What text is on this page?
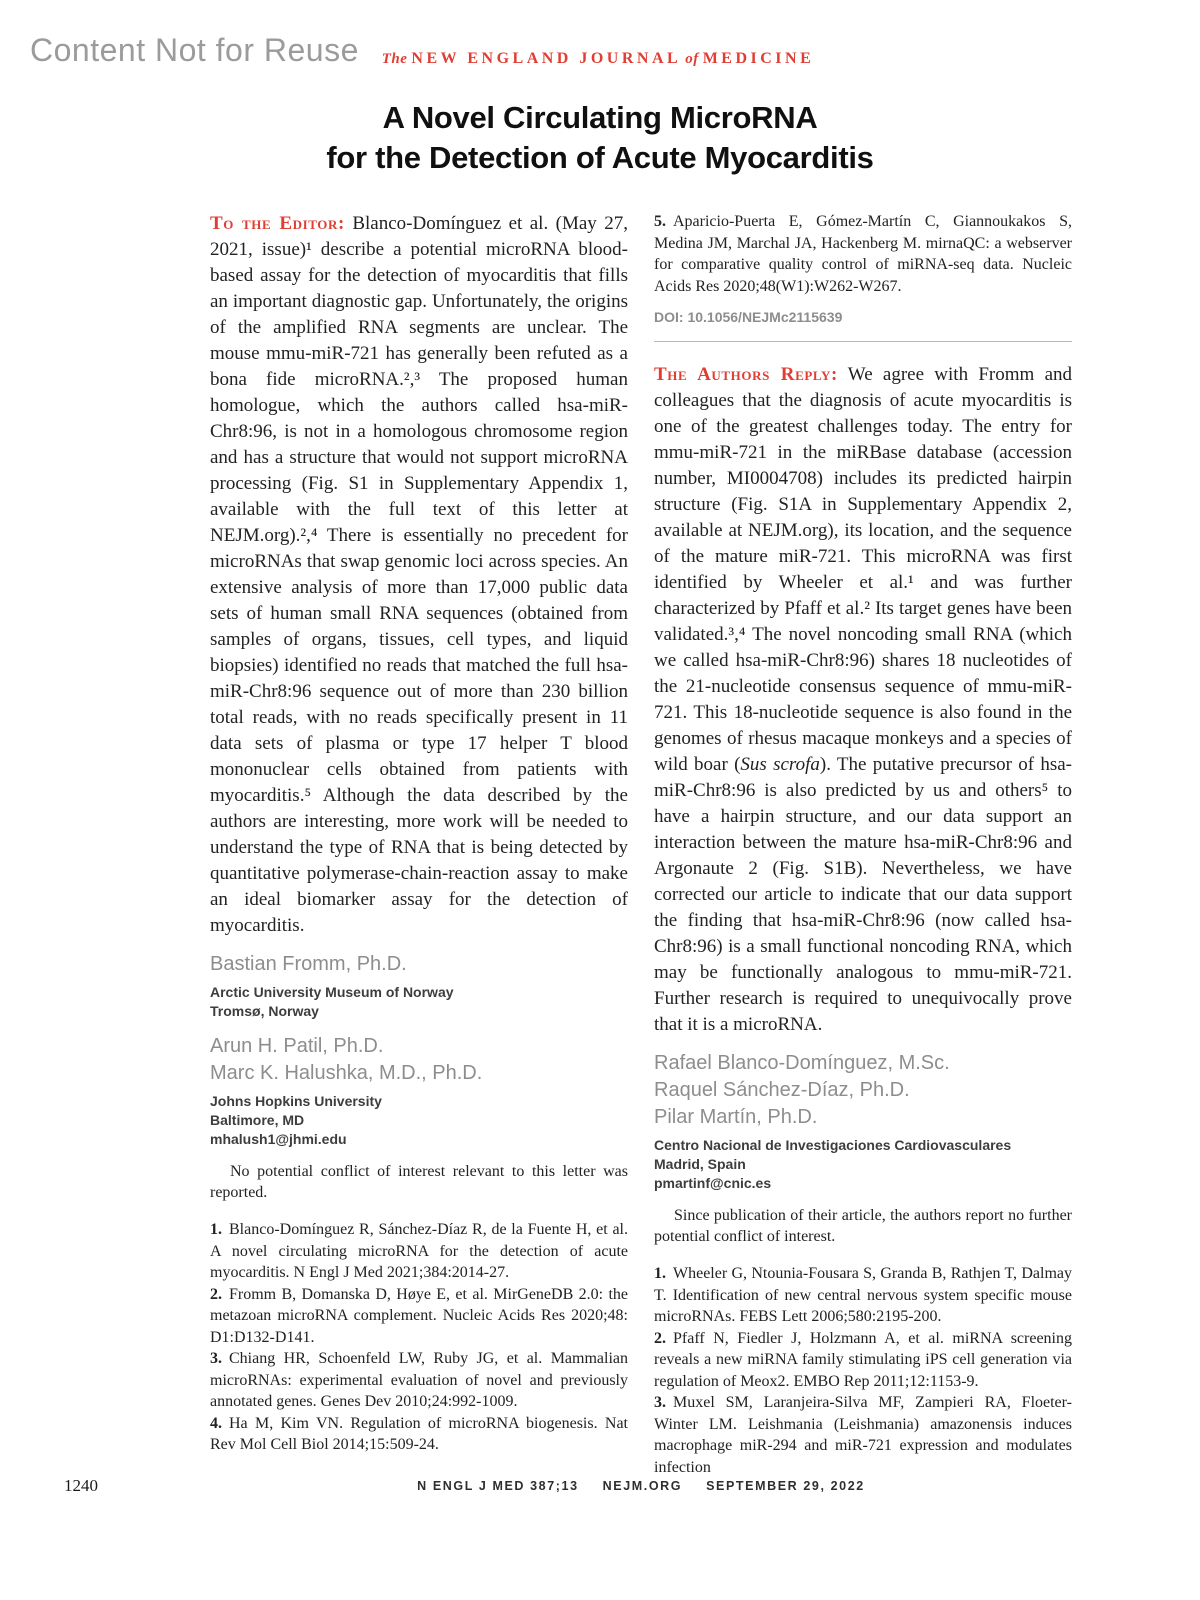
Content Not for Reuse	The NEW ENGLAND JOURNAL of MEDICINE
A Novel Circulating MicroRNA
for the Detection of Acute Myocarditis

To the Editor: Blanco-Domínguez et al. (May 27, 2021, issue)¹ describe a potential microRNA blood-based assay for the detection of myocarditis that fills an important diagnostic gap. Unfortunately, the origins of the amplified RNA segments are unclear. The mouse mmu-miR-721 has generally been refuted as a bona fide microRNA.²,³ The proposed human homologue, which the authors called hsa-miR-Chr8:96, is not in a homologous chromosome region and has a structure that would not support microRNA processing (Fig. S1 in Supplementary Appendix 1, available with the full text of this letter at NEJM.org).²,⁴ There is essentially no precedent for microRNAs that swap genomic loci across species. An extensive analysis of more than 17,000 public data sets of human small RNA sequences (obtained from samples of organs, tissues, cell types, and liquid biopsies) identified no reads that matched the full hsa-miR-Chr8:96 sequence out of more than 230 billion total reads, with no reads specifically present in 11 data sets of plasma or type 17 helper T blood mononuclear cells obtained from patients with myocarditis.⁵ Although the data described by the authors are interesting, more work will be needed to understand the type of RNA that is being detected by quantitative polymerase-chain-reaction assay to make an ideal biomarker assay for the detection of myocarditis.

Bastian Fromm, Ph.D.
Arctic University Museum of Norway
Tromsø, Norway
Arun H. Patil, Ph.D.
Marc K. Halushka, M.D., Ph.D.
Johns Hopkins University
Baltimore, MD
mhalush1@jhmi.edu

No potential conflict of interest relevant to this letter was reported.

1. Blanco-Domínguez R, Sánchez-Díaz R, de la Fuente H, et al. A novel circulating microRNA for the detection of acute myocarditis. N Engl J Med 2021;384:2014-27.

2. Fromm B, Domanska D, Høye E, et al. MirGeneDB 2.0: the metazoan microRNA complement. Nucleic Acids Res 2020;48: D1:D132-D141.

3. Chiang HR, Schoenfeld LW, Ruby JG, et al. Mammalian microRNAs: experimental evaluation of novel and previously annotated genes. Genes Dev 2010;24:992-1009.

4. Ha M, Kim VN. Regulation of microRNA biogenesis. Nat Rev Mol Cell Biol 2014;15:509-24.

5. Aparicio-Puerta E, Gómez-Martín C, Giannoukakos S, Medina JM, Marchal JA, Hackenberg M. mirnaQC: a webserver for comparative quality control of miRNA-seq data. Nucleic Acids Res 2020;48(W1):W262-W267.

DOI: 10.1056/NEJMc2115639

The Authors Reply: We agree with Fromm and colleagues that the diagnosis of acute myocarditis is one of the greatest challenges today. The entry for mmu-miR-721 in the miRBase database (accession number, MI0004708) includes its predicted hairpin structure (Fig. S1A in Supplementary Appendix 2, available at NEJM.org), its location, and the sequence of the mature miR-721. This microRNA was first identified by Wheeler et al.¹ and was further characterized by Pfaff et al.² Its target genes have been validated.³,⁴ The novel noncoding small RNA (which we called hsa-miR-Chr8:96) shares 18 nucleotides of the 21-nucleotide consensus sequence of mmu-miR-721. This 18-nucleotide sequence is also found in the genomes of rhesus macaque monkeys and a species of wild boar (Sus scrofa). The putative precursor of hsa-miR-Chr8:96 is also predicted by us and others⁵ to have a hairpin structure, and our data support an interaction between the mature hsa-miR-Chr8:96 and Argonaute 2 (Fig. S1B). Nevertheless, we have corrected our article to indicate that our data support the finding that hsa-miR-Chr8:96 (now called hsa-Chr8:96) is a small functional noncoding RNA, which may be functionally analogous to mmu-miR-721. Further research is required to unequivocally prove that it is a microRNA.

Rafael Blanco-Domínguez, M.Sc.
Raquel Sánchez-Díaz, Ph.D.
Pilar Martín, Ph.D.
Centro Nacional de Investigaciones Cardiovasculares
Madrid, Spain
pmartinf@cnic.es

Since publication of their article, the authors report no further potential conflict of interest.

1. Wheeler G, Ntounia-Fousara S, Granda B, Rathjen T, Dalmay T. Identification of new central nervous system specific mouse microRNAs. FEBS Lett 2006;580:2195-200.

2. Pfaff N, Fiedler J, Holzmann A, et al. miRNA screening reveals a new miRNA family stimulating iPS cell generation via regulation of Meox2. EMBO Rep 2011;12:1153-9.

3. Muxel SM, Laranjeira-Silva MF, Zampieri RA, Floeter-Winter LM. Leishmania (Leishmania) amazonensis induces macrophage miR-294 and miR-721 expression and modulates infection

1240	N ENGL J MED 387;13 NEJM.ORG SEPTEMBER 29, 2022
